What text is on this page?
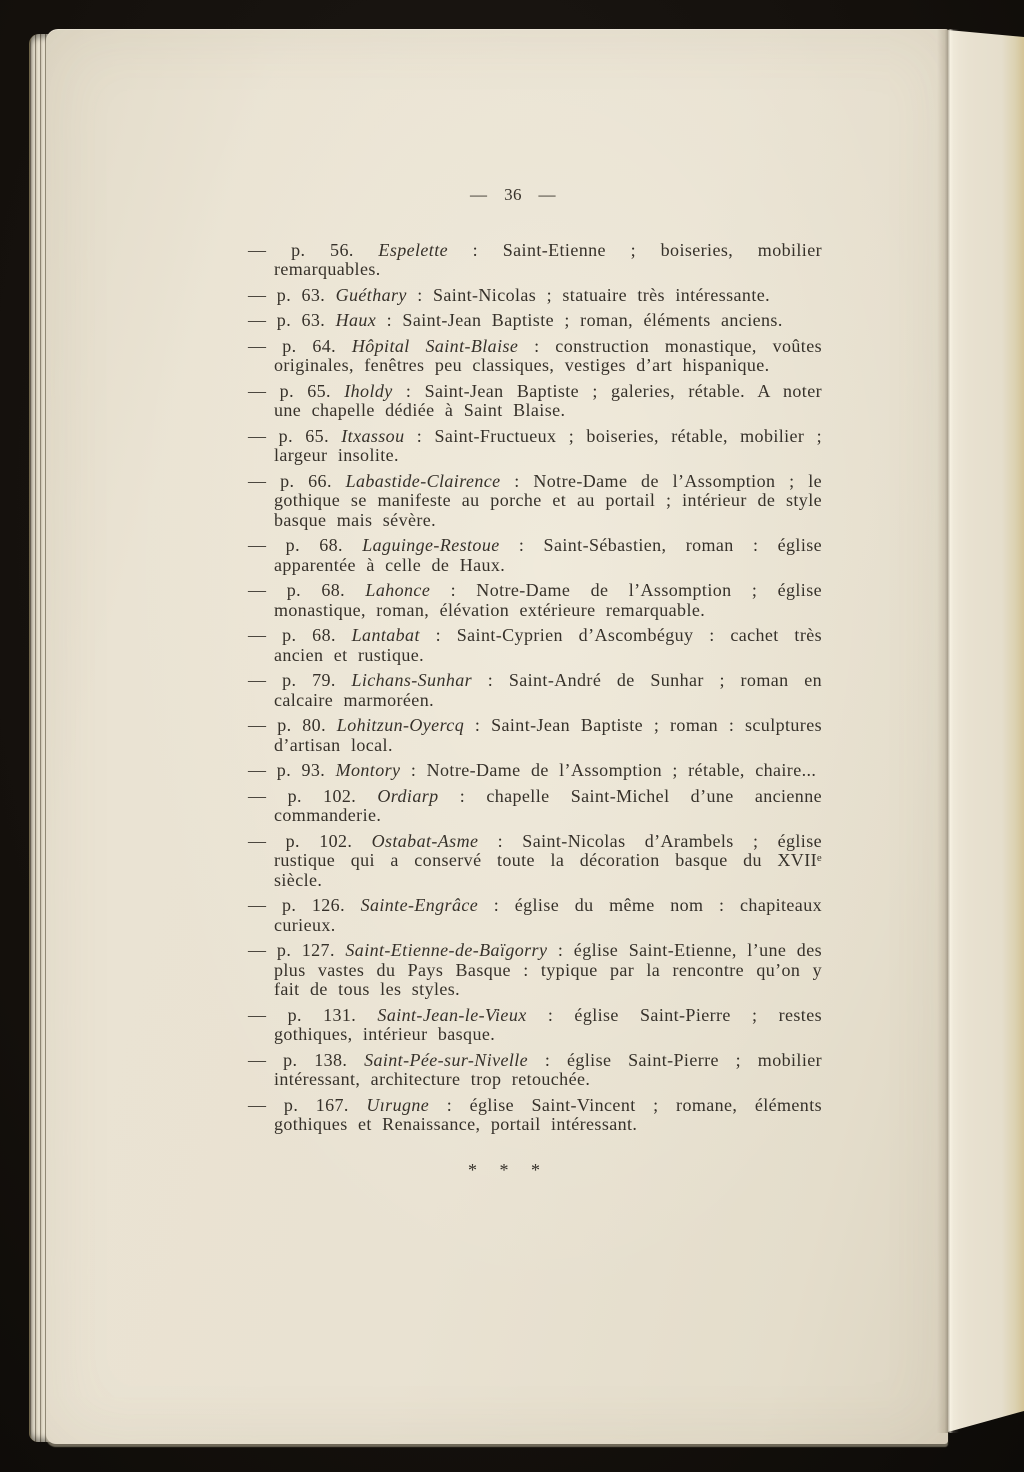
— 36 —

— p. 56. Espelette : Saint-Etienne ; boiseries, mobilier remarquables.

— p. 63. Guéthary : Saint-Nicolas ; statuaire très intéressante.

— p. 63. Haux : Saint-Jean Baptiste ; roman, éléments anciens.

— p. 64. Hôpital Saint-Blaise : construction monastique, voûtes originales, fenêtres peu classiques, vestiges d’art hispanique.

— p. 65. Iholdy : Saint-Jean Baptiste ; galeries, rétable. A noter une chapelle dédiée à Saint Blaise.

— p. 65. Itxassou : Saint-Fructueux ; boiseries, rétable, mobilier ; largeur insolite.

— p. 66. Labastide-Clairence : Notre-Dame de l’Assomption ; le gothique se manifeste au porche et au portail ; intérieur de style basque mais sévère.

— p. 68. Laguinge-Restoue : Saint-Sébastien, roman : église apparentée à celle de Haux.

— p. 68. Lahonce : Notre-Dame de l’Assomption ; église monastique, roman, élévation extérieure remarquable.

— p. 68. Lantabat : Saint-Cyprien d’Ascombéguy : cachet très ancien et rustique.

— p. 79. Lichans-Sunhar : Saint-André de Sunhar ; roman en calcaire marmoréen.

— p. 80. Lohitzun-Oyercq : Saint-Jean Baptiste ; roman : sculptures d’artisan local.

— p. 93. Montory : Notre-Dame de l’Assomption ; rétable, chaire...

— p. 102. Ordiarp : chapelle Saint-Michel d’une ancienne commanderie.

— p. 102. Ostabat-Asme : Saint-Nicolas d’Arambels ; église rustique qui a conservé toute la décoration basque du XVIIᵉ siècle.

— p. 126. Sainte-Engrâce : église du même nom : chapiteaux curieux.

— p. 127. Saint-Etienne-de-Baïgorry : église Saint-Etienne, l’une des plus vastes du Pays Basque : typique par la rencontre qu’on y fait de tous les styles.

— p. 131. Saint-Jean-le-Vieux : église Saint-Pierre ; restes gothiques, intérieur basque.

— p. 138. Saint-Pée-sur-Nivelle : église Saint-Pierre ; mobilier intéressant, architecture trop retouchée.

— p. 167. Uırugne : église Saint-Vincent ; romane, éléments gothiques et Renaissance, portail intéressant.

* * *
